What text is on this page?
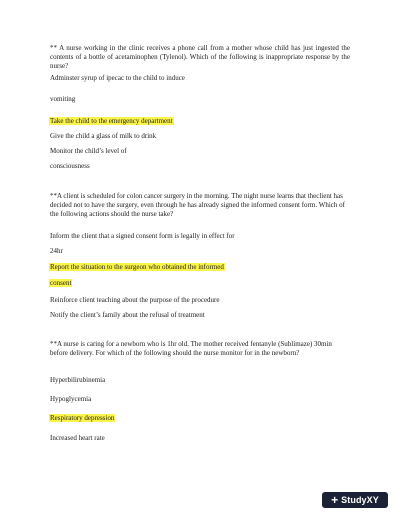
** A nurse working in the clinic receives a phone call from a mother whose child has just ingested the contents of a bottle of acetaminophen (Tylenol). Which of the following is inappropriate response by the nurse?
Adminster syrup of ipecac to the child to induce
vomiting
Take the child to the emergency department
Give the child a glass of milk to drink
Monitor the child’s level of
consciousness
**A client is scheduled for colon cancer surgery in the morning. The night nurse learns that theclient has decided not to have the surgery, even through he has already signed the informed consent form. Which of the following actions should the nurse take?
Inform the client that a signed consent form is legally in effect for
24hr
Report the situation to the surgeon who obtained the informed
consent
Reinforce client teaching about the purpose of the procedure
Notify the client’s family about the refusal of treatment
**A nurse is caring for a newborn who is 1hr old. The mother received fentanyle (Sublimaze) 30min before delivery. For which of the following should the nurse monitor for in the newborn?
Hyperbilirubinemia
Hypoglycemia
Respiratory depression
Increased heart rate
+ StudyXY
